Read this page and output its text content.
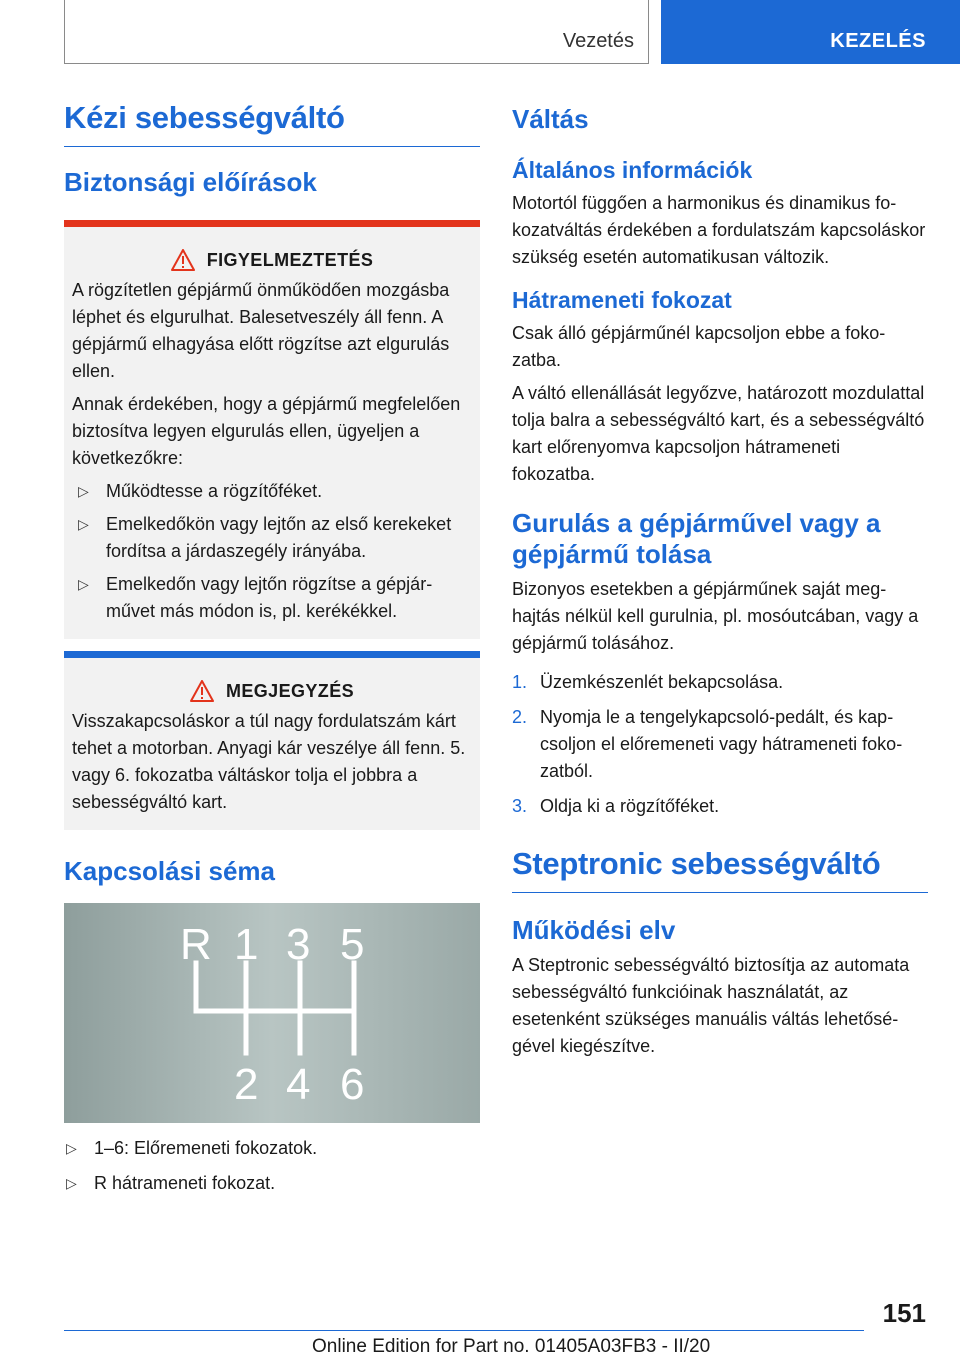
Vezetés	KEZELÉS
Kézi sebességváltó
Biztonsági előírások
FIGYELMEZTETÉS

A rögzítetlen gépjármű önműködően mozgásba léphet és elgurulhat. Balesetveszély áll fenn. A gépjármű elhagyása előtt rögzítse azt elgurulás ellen.

Annak érdekében, hogy a gépjármű megfelelően biztosítva legyen elgurulás ellen, ügyeljen a következőkre:

▷ Működtesse a rögzítőféket.
▷ Emelkedőkön vagy lejtőn az első kerekeket fordítsa a járdaszegély irányába.
▷ Emelkedőn vagy lejtőn rögzítse a gépjárművet más módon is, pl. kerékékkel.
MEGJEGYZÉS

Visszakapcsoláskor a túl nagy fordulatszám kárt tehet a motorban. Anyagi kár veszélye áll fenn. 5. vagy 6. fokozatba váltáskor tolja el jobbra a sebességváltó kart.

Kapcsolási séma
R 1 3 5
2 4 6
▷ 1–6: Előremeneti fokozatok.
▷ R hátrameneti fokozat.
Váltás
Általános információk

Motortól függően a harmonikus és dinamikus fokozatváltás érdekében a fordulatszám kapcsoláskor szükség esetén automatikusan változik.

Hátrameneti fokozat

Csak álló gépjárműnél kapcsoljon ebbe a fokozatba.

A váltó ellenállását legyőzve, határozott mozdulattal tolja balra a sebességváltó kart, és a sebességváltó kart előrenyomva kapcsoljon hátrameneti fokozatba.

Gurulás a gépjárművel vagy a gépjármű tolása

Bizonyos esetekben a gépjárműnek saját meghajtás nélkül kell gurulnia, pl. mosóutcában, vagy a gépjármű tolásához.

1. Üzemkészenlét bekapcsolása.
2. Nyomja le a tengelykapcsoló-pedált, és kapcsoljon el előremeneti vagy hátrameneti fokozatból.
3. Oldja ki a rögzítőféket.
Steptronic sebességváltó
Működési elv

A Steptronic sebességváltó biztosítja az automata sebességváltó funkcióinak használatát, az esetenként szükséges manuális váltás lehetőségével kiegészítve.

151
Online Edition for Part no. 01405A03FB3 - II/20
